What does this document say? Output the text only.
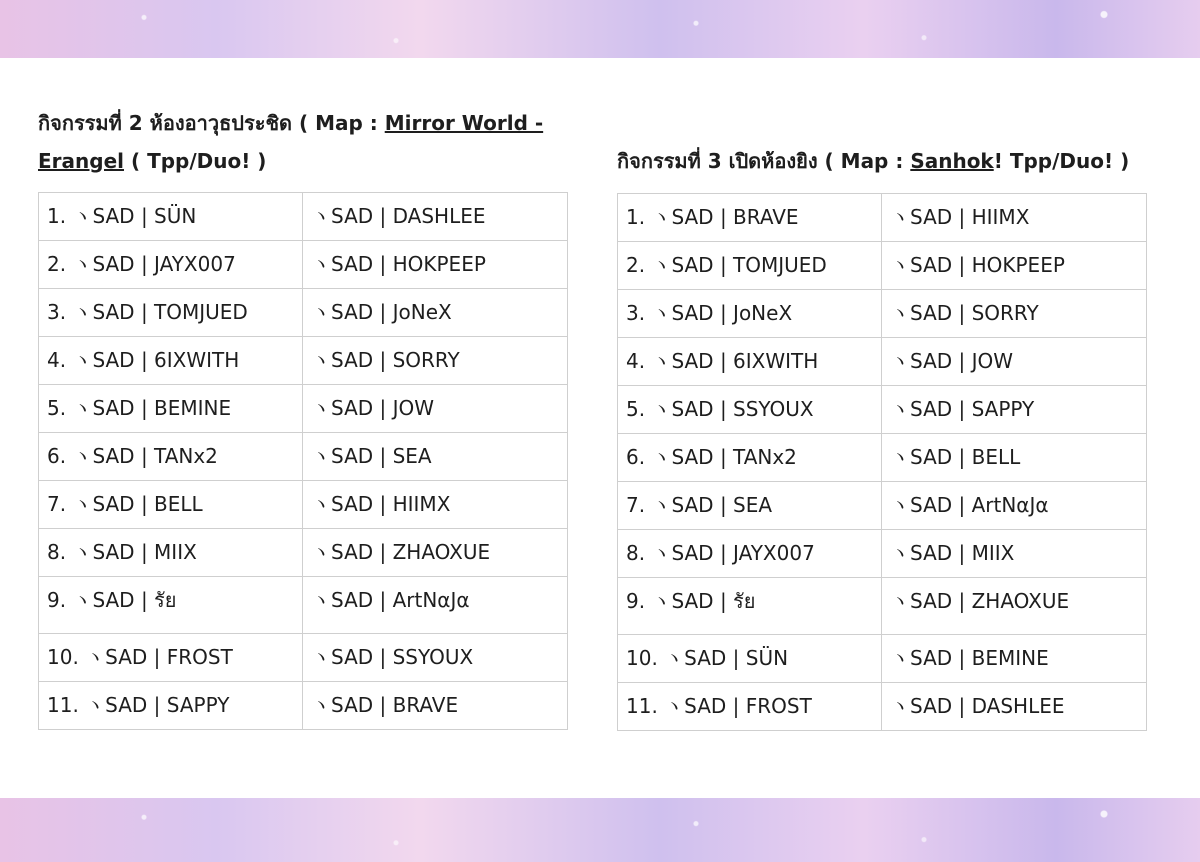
กิจกรรมที่ 2 ห้องอาวุธประชิด ( Map : Mirror World -
Erangel ( Tpp/Duo! )	กิจกรรมที่ 3 เปิดห้องยิง ( Map : Sanhok! Tpp/Duo! )
1. ヽSAD | SÜN	ヽSAD | DASHLEE
2. ヽSAD | JAYX007	ヽSAD | HOKPEEP
3. ヽSAD | TOMJUED	ヽSAD | JoNeX
4. ヽSAD | 6IXWITH	ヽSAD | SORRY
5. ヽSAD | BEMINE	ヽSAD | JOW
6. ヽSAD | TANx2	ヽSAD | SEA
7. ヽSAD | BELL	ヽSAD | HIIMX
8. ヽSAD | MIIX	ヽSAD | ZHAOXUE
9. ヽSAD | รัย	ヽSAD | ArtNαJα
10. ヽSAD | FROST	ヽSAD | SSYOUX
11. ヽSAD | SAPPY	ヽSAD | BRAVE
1. ヽSAD | BRAVE	ヽSAD | HIIMX
2. ヽSAD | TOMJUED	ヽSAD | HOKPEEP
3. ヽSAD | JoNeX	ヽSAD | SORRY
4. ヽSAD | 6IXWITH	ヽSAD | JOW
5. ヽSAD | SSYOUX	ヽSAD | SAPPY
6. ヽSAD | TANx2	ヽSAD | BELL
7. ヽSAD | SEA	ヽSAD | ArtNαJα
8. ヽSAD | JAYX007	ヽSAD | MIIX
9. ヽSAD | รัย	ヽSAD | ZHAOXUE
10. ヽSAD | SÜN	ヽSAD | BEMINE
11. ヽSAD | FROST	ヽSAD | DASHLEE
